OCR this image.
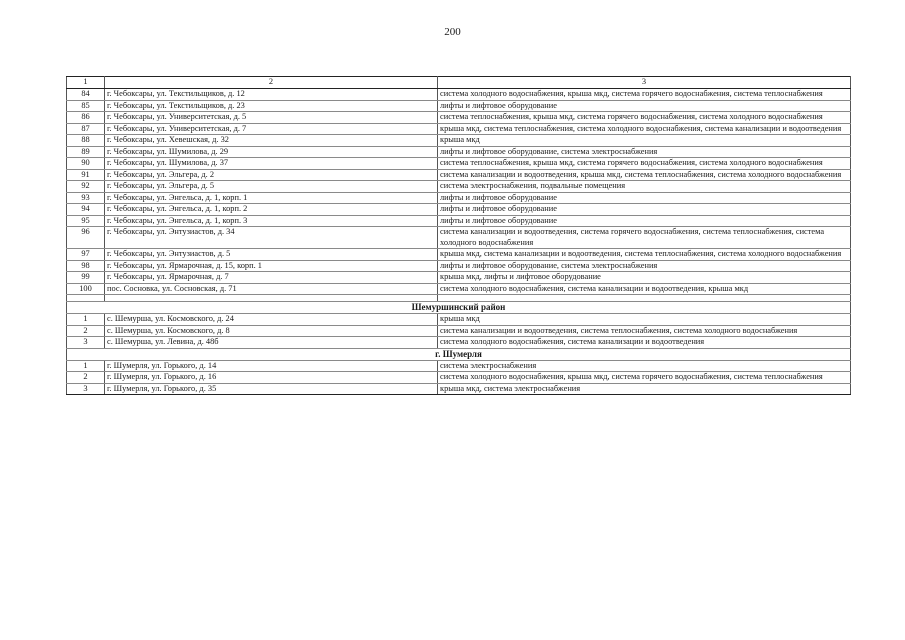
200
1	2	3
84	г. Чебоксары, ул. Текстильщиков, д. 12	система холодного водоснабжения, крыша мкд, система горячего водоснабжения, система теплоснабжения
85	г. Чебоксары, ул. Текстильщиков, д. 23	лифты и лифтовое оборудование
86	г. Чебоксары, ул. Университетская, д. 5	система теплоснабжения, крыша мкд, система горячего водоснабжения, система холодного водоснабжения
87	г. Чебоксары, ул. Университетская, д. 7	крыша мкд, система теплоснабжения, система холодного водоснабжения, система канализации и водоотведения
88	г. Чебоксары, ул. Хевешская, д. 32	крыша мкд
89	г. Чебоксары, ул. Шумилова, д. 29	лифты и лифтовое оборудование, система электроснабжения
90	г. Чебоксары, ул. Шумилова, д. 37	система теплоснабжения, крыша мкд, система горячего водоснабжения, система холодного водоснабжения
91	г. Чебоксары, ул. Эльгера, д. 2	система канализации и водоотведения, крыша мкд, система теплоснабжения, система холодного водоснабжения
92	г. Чебоксары, ул. Эльгера, д. 5	система электроснабжения, подвальные помещения
93	г. Чебоксары, ул. Энгельса, д. 1, корп. 1	лифты и лифтовое оборудование
94	г. Чебоксары, ул. Энгельса, д. 1, корп. 2	лифты и лифтовое оборудование
95	г. Чебоксары, ул. Энгельса, д. 1, корп. 3	лифты и лифтовое оборудование
96	г. Чебоксары, ул. Энтузиастов, д. 34	система канализации и водоотведения, система горячего водоснабжения, система теплоснабжения, система холодного водоснабжения
97	г. Чебоксары, ул. Энтузиастов, д. 5	крыша мкд, система канализации и водоотведения, система теплоснабжения, система холодного водоснабжения
98	г. Чебоксары, ул. Ярмарочная, д. 15, корп. 1	лифты и лифтовое оборудование, система электроснабжения
99	г. Чебоксары, ул. Ярмарочная, д. 7	крыша мкд, лифты и лифтовое оборудование
100	пос. Сосновка, ул. Сосновская, д. 71	система холодного водоснабжения, система канализации и водоотведения, крыша мкд

Шемуршинский район		
1	с. Шемурша, ул. Космовского, д. 24	крыша мкд
2	с. Шемурша, ул. Космовского, д. 8	система канализации и водоотведения, система теплоснабжения, система холодного водоснабжения
3	с. Шемурша, ул. Левина, д. 48б	система холодного водоснабжения, система канализации и водоотведения
г. Шумерля		
1	г. Шумерля, ул. Горького, д. 14	система электроснабжения
2	г. Шумерля, ул. Горького, д. 16	система холодного водоснабжения, крыша мкд, система горячего водоснабжения, система теплоснабжения
3	г. Шумерля, ул. Горького, д. 35	крыша мкд, система электроснабжения
